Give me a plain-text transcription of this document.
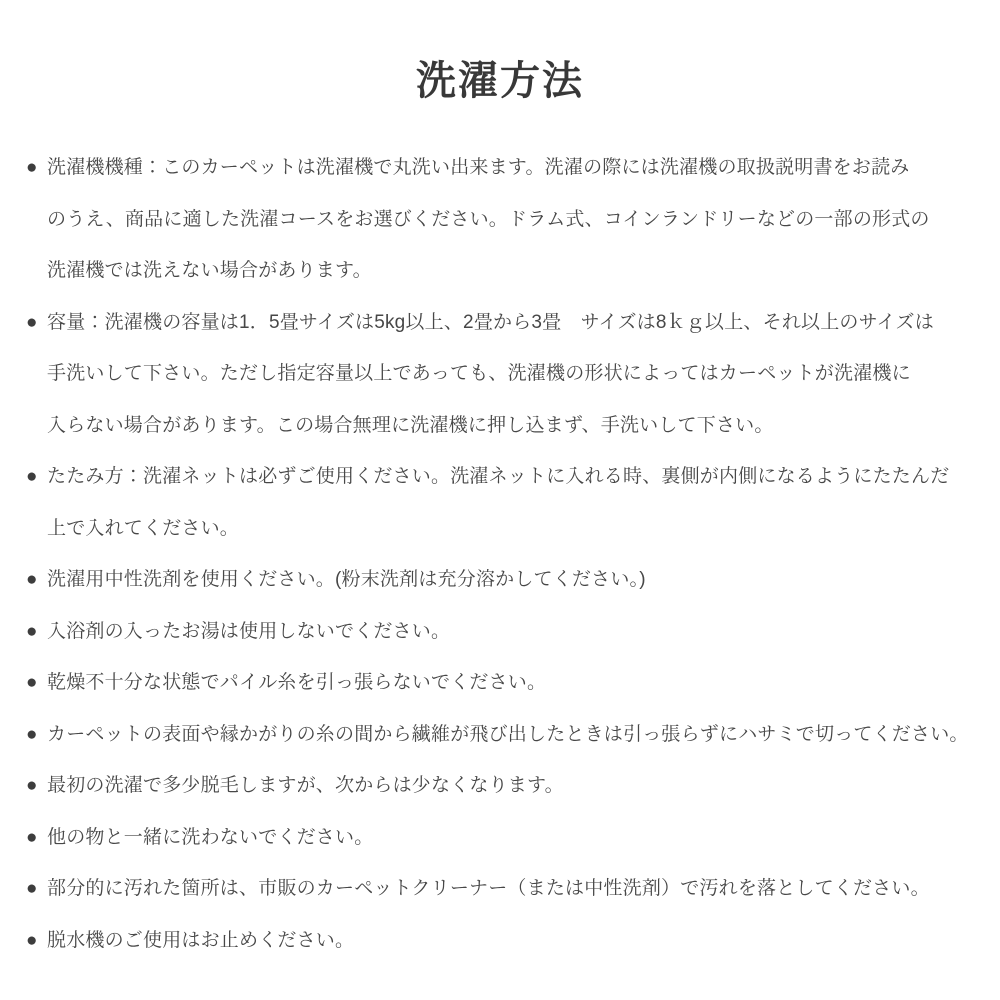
洗濯方法
● 洗濯機機種：このカーペットは洗濯機で丸洗い出来ます。洗濯の際には洗濯機の取扱説明書をお読み
のうえ、商品に適した洗濯コースをお選びください。ドラム式、コインランドリーなどの一部の形式の
洗濯機では洗えない場合があります。
● 容量：洗濯機の容量は1．5畳サイズは5kg以上、2畳から3畳　サイズは8ｋｇ以上、それ以上のサイズは
手洗いして下さい。ただし指定容量以上であっても、洗濯機の形状によってはカーペットが洗濯機に
入らない場合があります。この場合無理に洗濯機に押し込まず、手洗いして下さい。
● たたみ方：洗濯ネットは必ずご使用ください。洗濯ネットに入れる時、裏側が内側になるようにたたんだ
上で入れてください。
● 洗濯用中性洗剤を使用ください。(粉末洗剤は充分溶かしてください。)
● 入浴剤の入ったお湯は使用しないでください。
● 乾燥不十分な状態でパイル糸を引っ張らないでください。
● カーペットの表面や縁かがりの糸の間から繊維が飛び出したときは引っ張らずにハサミで切ってください。
● 最初の洗濯で多少脱毛しますが、次からは少なくなります。
● 他の物と一緒に洗わないでください。
● 部分的に汚れた箇所は、市販のカーペットクリーナー（または中性洗剤）で汚れを落としてください。
● 脱水機のご使用はお止めください。
